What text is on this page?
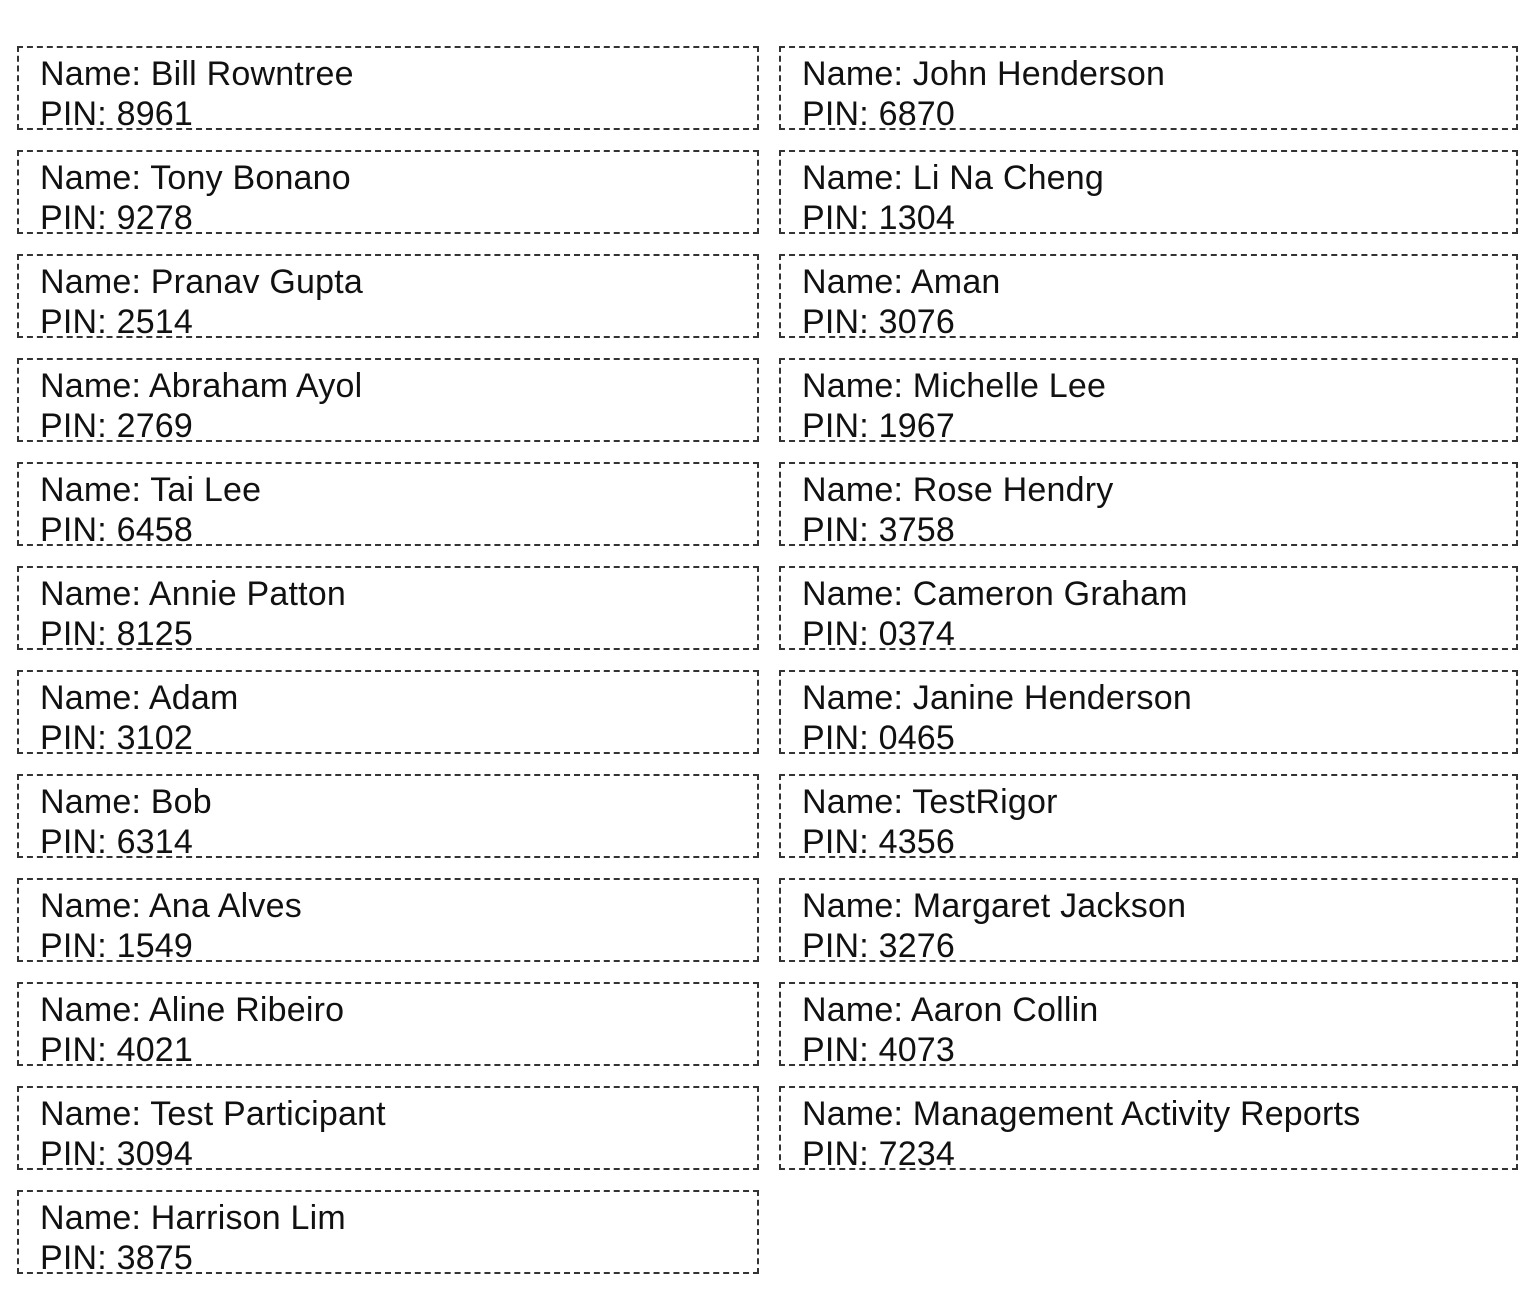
Name: Bill Rowntree
PIN: 8961
Name: John Henderson
PIN: 6870
Name: Tony Bonano
PIN: 9278
Name: Li Na Cheng
PIN: 1304
Name: Pranav Gupta
PIN: 2514
Name: Aman
PIN: 3076
Name: Abraham Ayol
PIN: 2769
Name: Michelle Lee
PIN: 1967
Name: Tai Lee
PIN: 6458
Name: Rose Hendry
PIN: 3758
Name: Annie Patton
PIN: 8125
Name: Cameron Graham
PIN: 0374
Name: Adam
PIN: 3102
Name: Janine Henderson
PIN: 0465
Name: Bob
PIN: 6314
Name: TestRigor
PIN: 4356
Name: Ana Alves
PIN: 1549
Name: Margaret Jackson
PIN: 3276
Name: Aline Ribeiro
PIN: 4021
Name: Aaron Collin
PIN: 4073
Name: Test Participant
PIN: 3094
Name: Management Activity Reports
PIN: 7234
Name: Harrison Lim
PIN: 3875
